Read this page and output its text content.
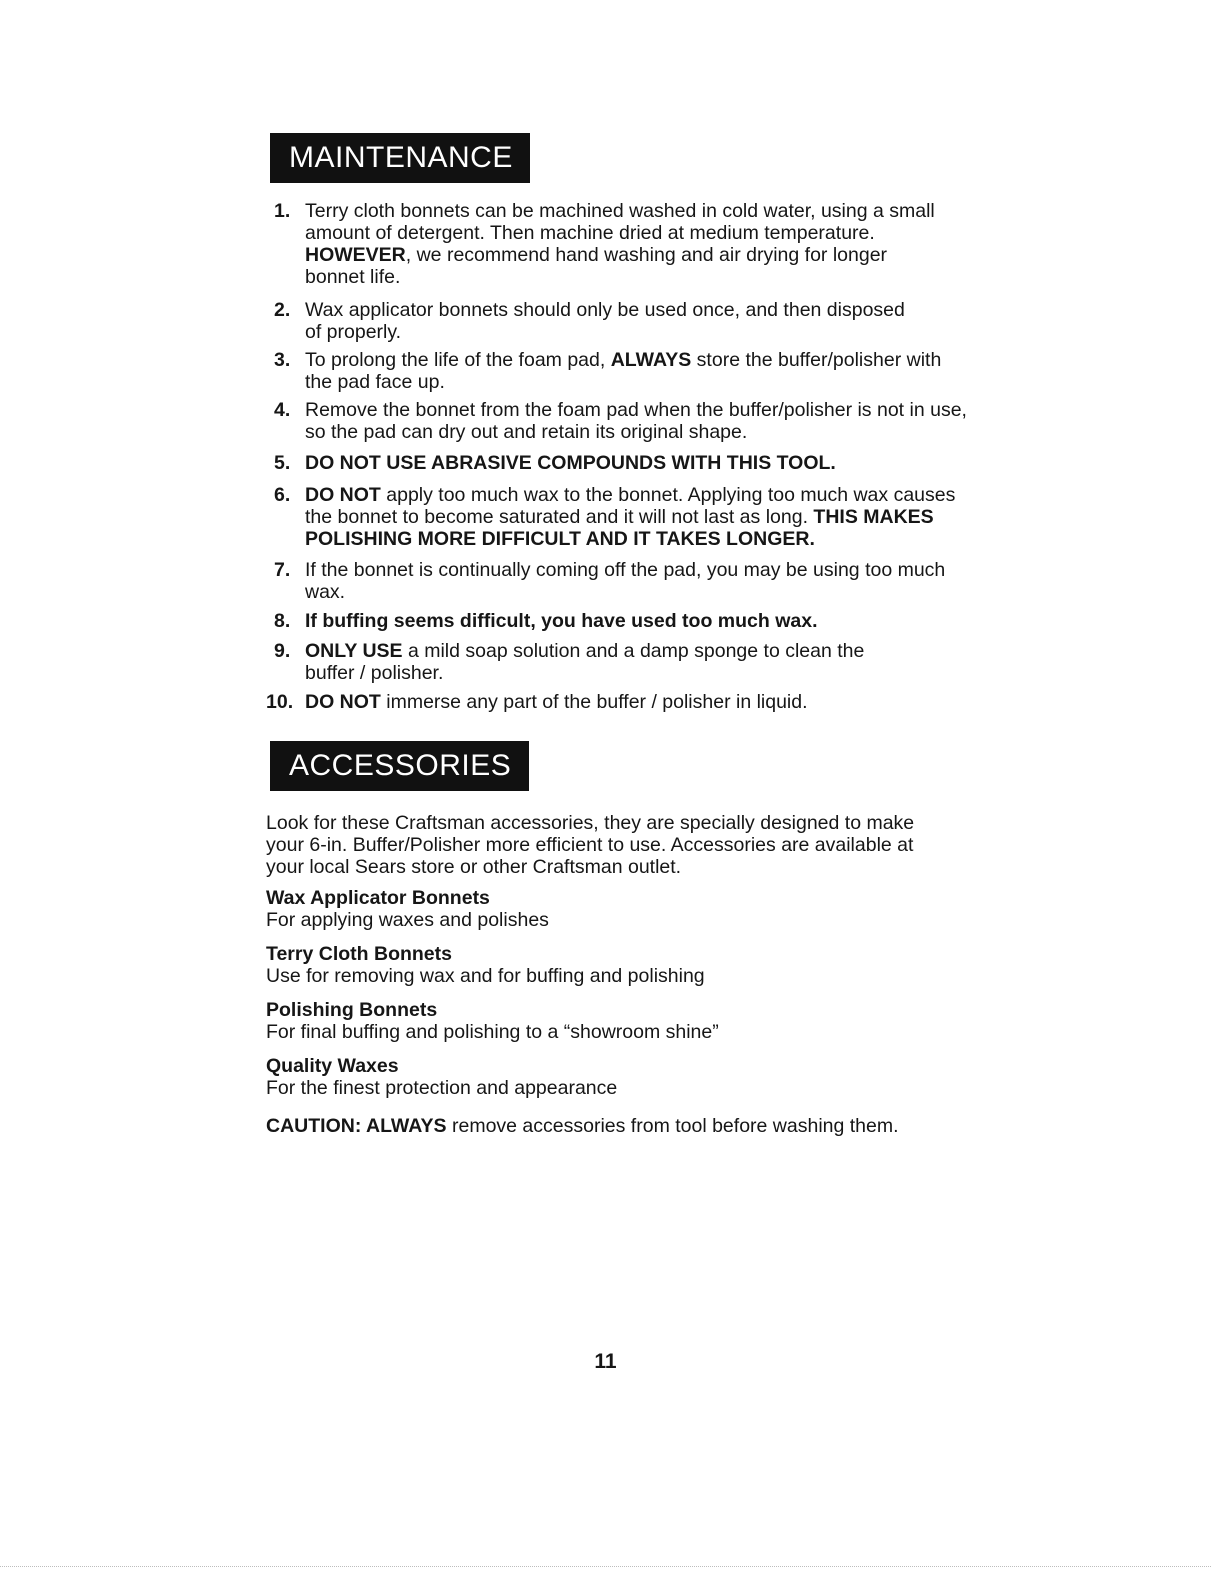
MAINTENANCE
1. Terry cloth bonnets can be machined washed in cold water, using a small
amount of detergent. Then machine dried at medium temperature.
HOWEVER, we recommend hand washing and air drying for longer
bonnet life.
2. Wax applicator bonnets should only be used once, and then disposed
of properly.
3. To prolong the life of the foam pad, ALWAYS store the buffer/polisher with
the pad face up.
4. Remove the bonnet from the foam pad when the buffer/polisher is not in use,
so the pad can dry out and retain its original shape.
5. DO NOT USE ABRASIVE COMPOUNDS WITH THIS TOOL.
6. DO NOT apply too much wax to the bonnet. Applying too much wax causes
the bonnet to become saturated and it will not last as long. THIS MAKES
POLISHING MORE DIFFICULT AND IT TAKES LONGER.
7. If the bonnet is continually coming off the pad, you may be using too much
wax.
8. If buffing seems difficult, you have used too much wax.
9. ONLY USE a mild soap solution and a damp sponge to clean the
buffer / polisher.
10. DO NOT immerse any part of the buffer / polisher in liquid.
ACCESSORIES
Look for these Craftsman accessories, they are specially designed to make
your 6-in. Buffer/Polisher more efficient to use. Accessories are available at
your local Sears store or other Craftsman outlet.
Wax Applicator Bonnets
For applying waxes and polishes
Terry Cloth Bonnets
Use for removing wax and for buffing and polishing
Polishing Bonnets
For final buffing and polishing to a “showroom shine”
Quality Waxes
For the finest protection and appearance
CAUTION: ALWAYS remove accessories from tool before washing them.
11
